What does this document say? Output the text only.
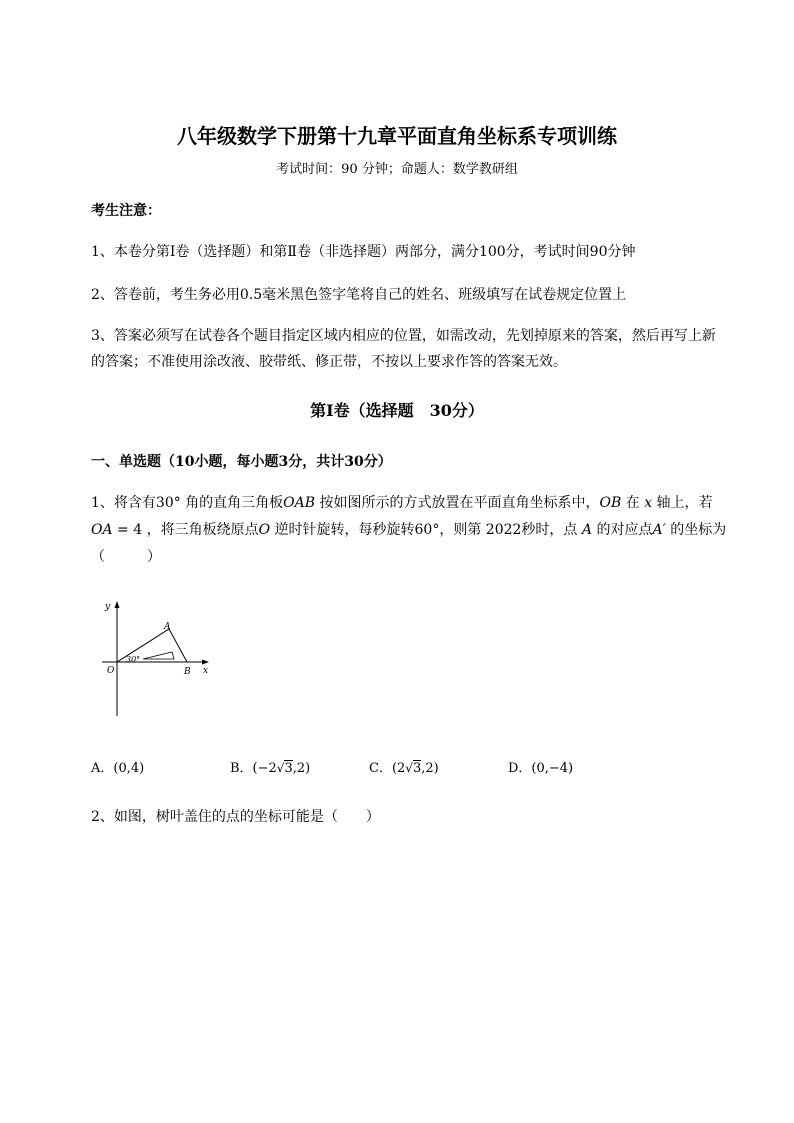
八年级数学下册第十九章平面直角坐标系专项训练
考试时间：90 分钟；命题人：数学教研组
考生注意：
1、本卷分第Ⅰ卷（选择题）和第Ⅱ卷（非选择题）两部分，满分100分，考试时间90分钟
2、答卷前，考生务必用0.5毫米黑色签字笔将自己的姓名、班级填写在试卷规定位置上
3、答案必须写在试卷各个题目指定区域内相应的位置，如需改动，先划掉原来的答案，然后再写上新
的答案；不准使用涂改液、胶带纸、修正带，不按以上要求作答的答案无效。
第Ⅰ卷（选择题　30分）
一、单选题（10小题，每小题3分，共计30分）
1、将含有30° 角的直角三角板OAB 按如图所示的方式放置在平面直角坐标系中，OB 在 x 轴上，若
OA = 4 ，将三角板绕原点O 逆时针旋转，每秒旋转60°，则第 2022秒时，点 A 的对应点A′ 的坐标为
（　　　）
y
x
O
A
B
30°
A．(0,4)	B．(−2√3,2)	C．(2√3,2)	D．(0,−4)
2、如图，树叶盖住的点的坐标可能是（　　）
